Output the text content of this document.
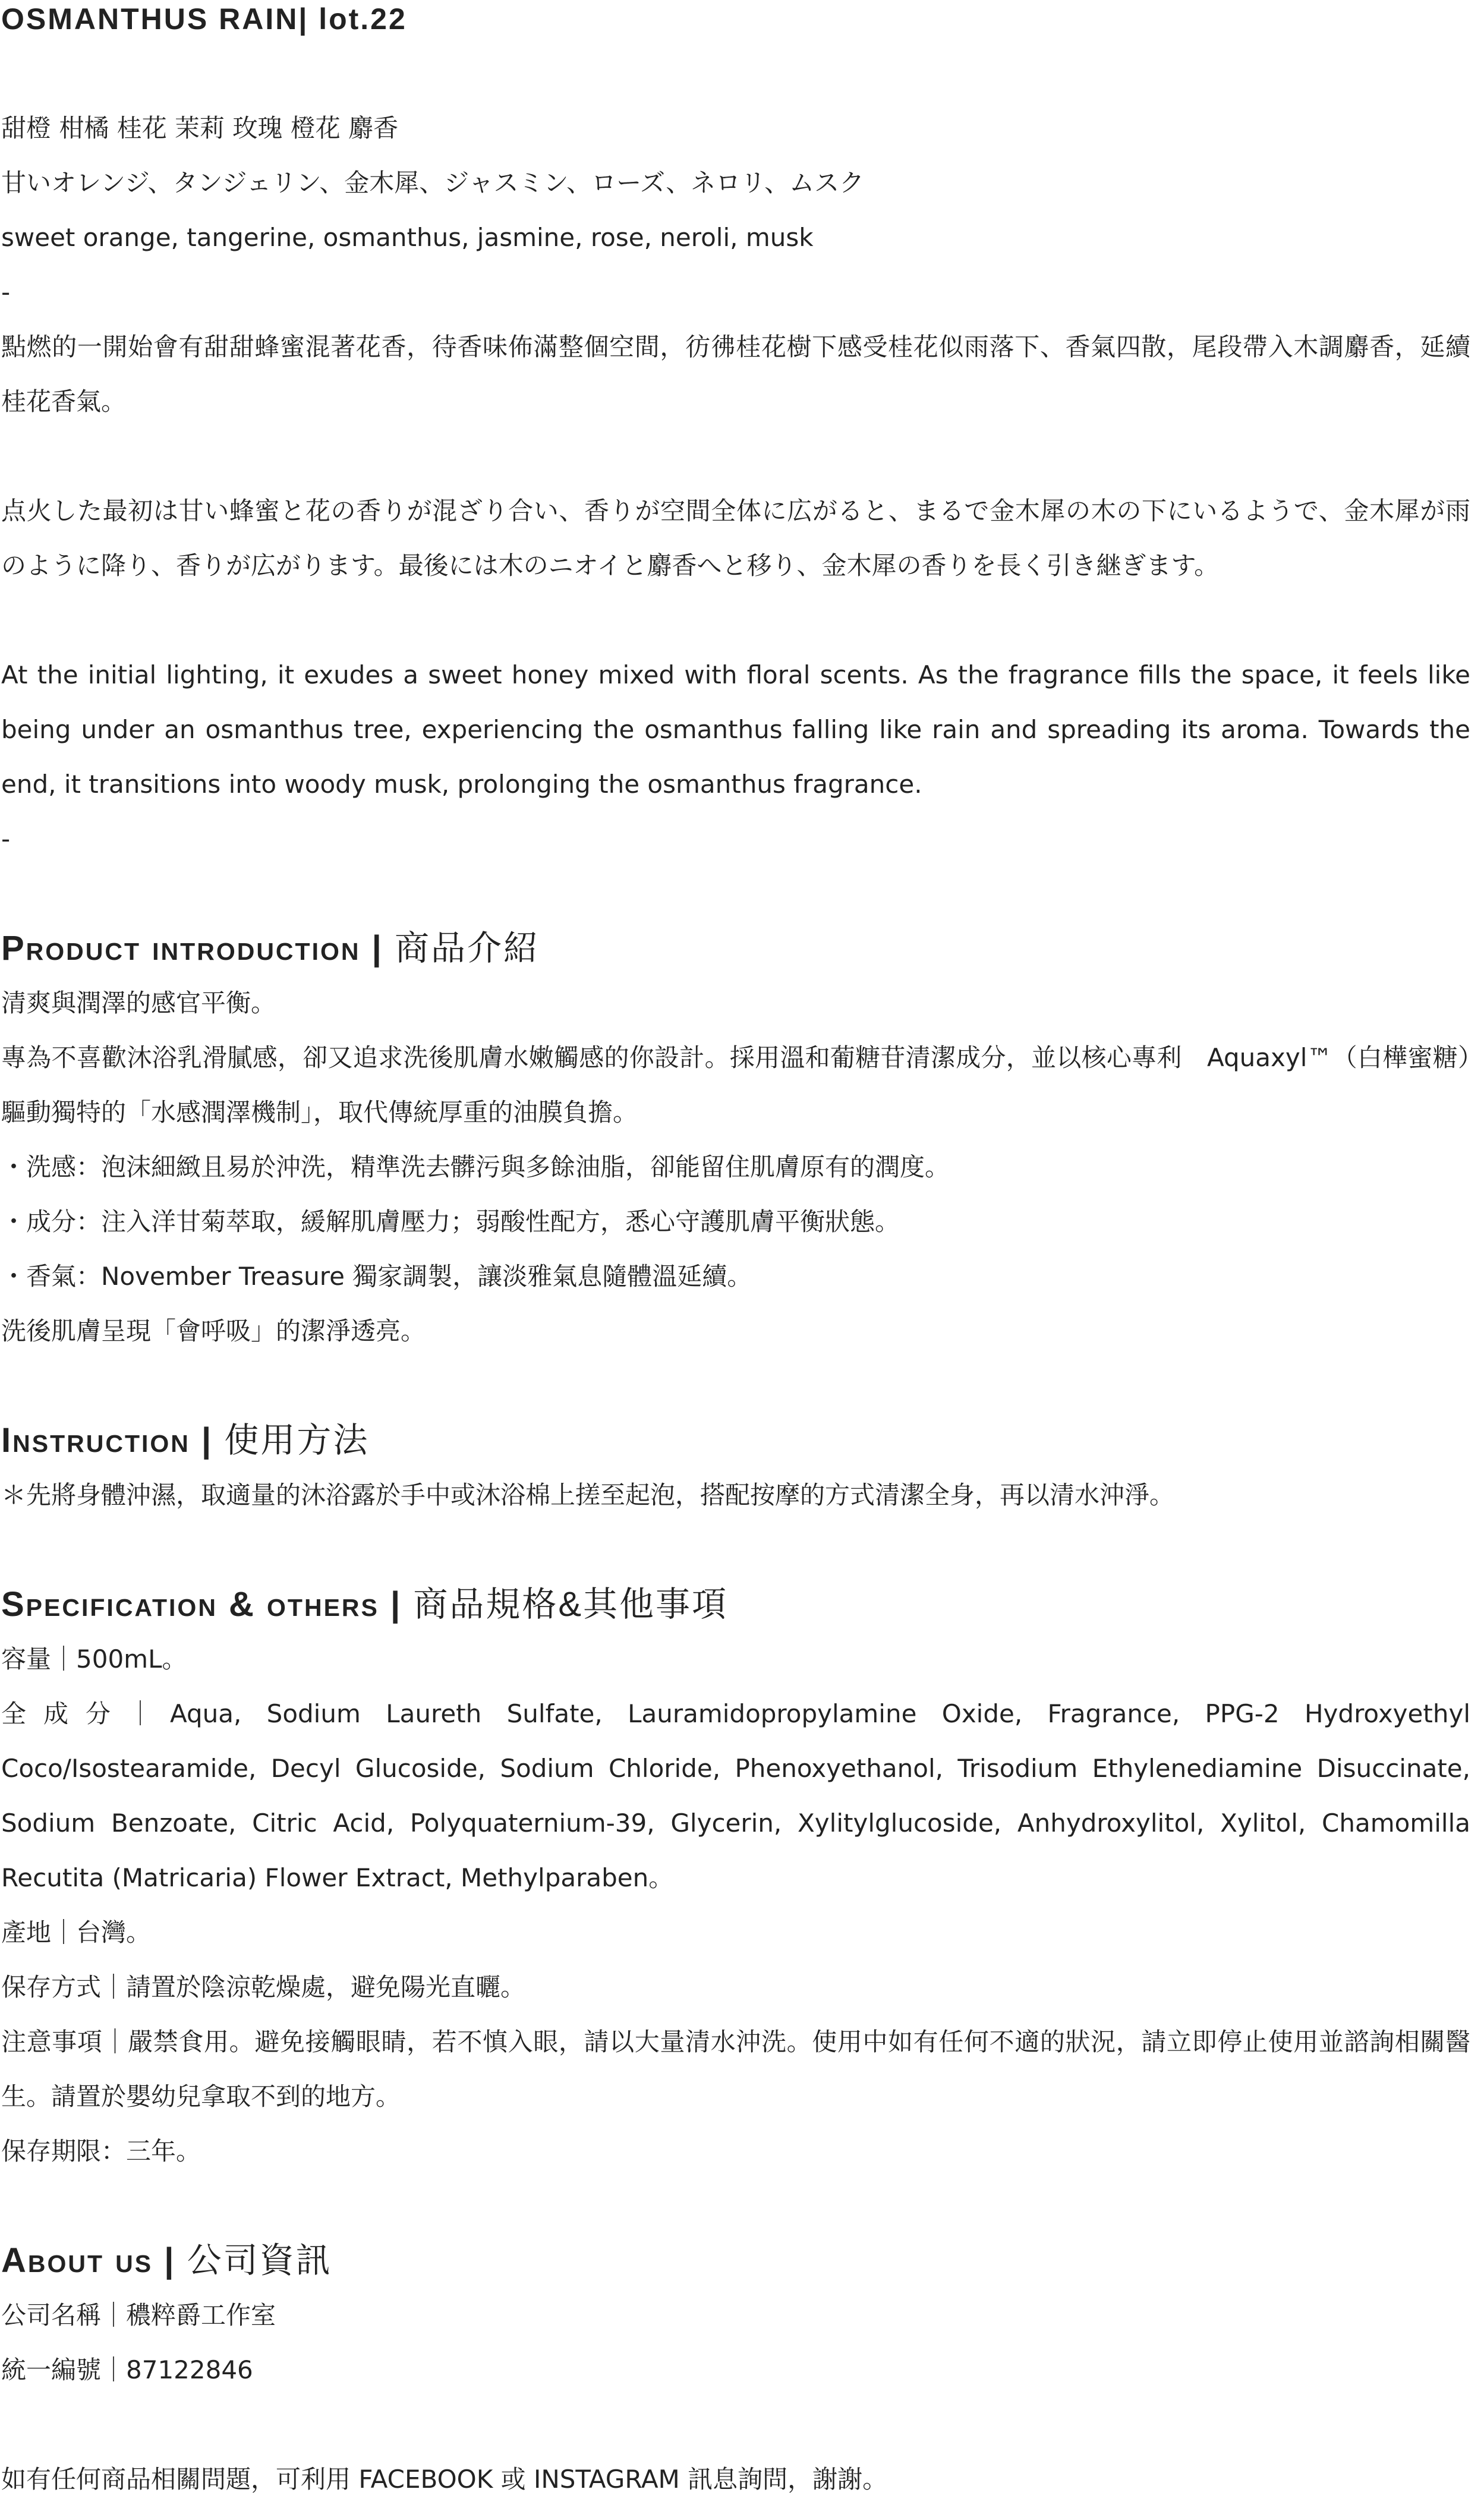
OSMANTHUS RAIN| lot.22

甜橙 柑橘 桂花 茉莉 玫瑰 橙花 麝香

甘いオレンジ、タンジェリン、金木犀、ジャスミン、ローズ、ネロリ、ムスク

sweet orange, tangerine, osmanthus, jasmine, rose, neroli, musk

-

點燃的一開始會有甜甜蜂蜜混著花香，待香味佈滿整個空間，彷彿桂花樹下感受桂花似雨落下、香氣四散，尾段帶入木調麝香，延續桂花香氣。

点火した最初は甘い蜂蜜と花の香りが混ざり合い、香りが空間全体に広がると、まるで金木犀の木の下にいるようで、金木犀が雨のように降り、香りが広がります。最後には木のニオイと麝香へと移り、金木犀の香りを長く引き継ぎます。

At the initial lighting, it exudes a sweet honey mixed with floral scents. As the fragrance fills the space, it feels like being under an osmanthus tree, experiencing the osmanthus falling like rain and spreading its aroma. Towards the end, it transitions into woody musk, prolonging the osmanthus fragrance.

-

Product introduction | 商品介紹

清爽與潤澤的感官平衡。

專為不喜歡沐浴乳滑膩感，卻又追求洗後肌膚水嫩觸感的你設計。採用溫和葡糖苷清潔成分，並以核心專利　Aquaxyl™（白樺蜜糖）驅動獨特的「水感潤澤機制」，取代傳統厚重的油膜負擔。

・洗感：泡沫細緻且易於沖洗，精準洗去髒污與多餘油脂，卻能留住肌膚原有的潤度。

・成分：注入洋甘菊萃取，緩解肌膚壓力；弱酸性配方，悉心守護肌膚平衡狀態。

・香氣：November Treasure 獨家調製，讓淡雅氣息隨體溫延續。

洗後肌膚呈現「會呼吸」的潔淨透亮。

Instruction | 使用方法

＊先將身體沖濕，取適量的沐浴露於手中或沐浴棉上搓至起泡，搭配按摩的方式清潔全身，再以清水沖淨。

Specification & others | 商品規格&其他事項

容量｜500mL。

全成分｜Aqua, Sodium Laureth Sulfate, Lauramidopropylamine Oxide, Fragrance, PPG-2 Hydroxyethyl Coco/Isostearamide, Decyl Glucoside, Sodium Chloride, Phenoxyethanol, Trisodium Ethylenediamine Disuccinate, Sodium Benzoate, Citric Acid, Polyquaternium-39, Glycerin, Xylitylglucoside, Anhydroxylitol, Xylitol, Chamomilla Recutita (Matricaria) Flower Extract, Methylparaben。

產地｜台灣。

保存方式｜請置於陰涼乾燥處，避免陽光直曬。

注意事項｜嚴禁食用。避免接觸眼睛，若不慎入眼，請以大量清水沖洗。使用中如有任何不適的狀況，請立即停止使用並諮詢相關醫生。請置於嬰幼兒拿取不到的地方。

保存期限：三年。

About us | 公司資訊

公司名稱｜穠粹爵工作室

統一編號｜87122846

如有任何商品相關問題，可利用 FACEBOOK 或 INSTAGRAM 訊息詢問，謝謝。
